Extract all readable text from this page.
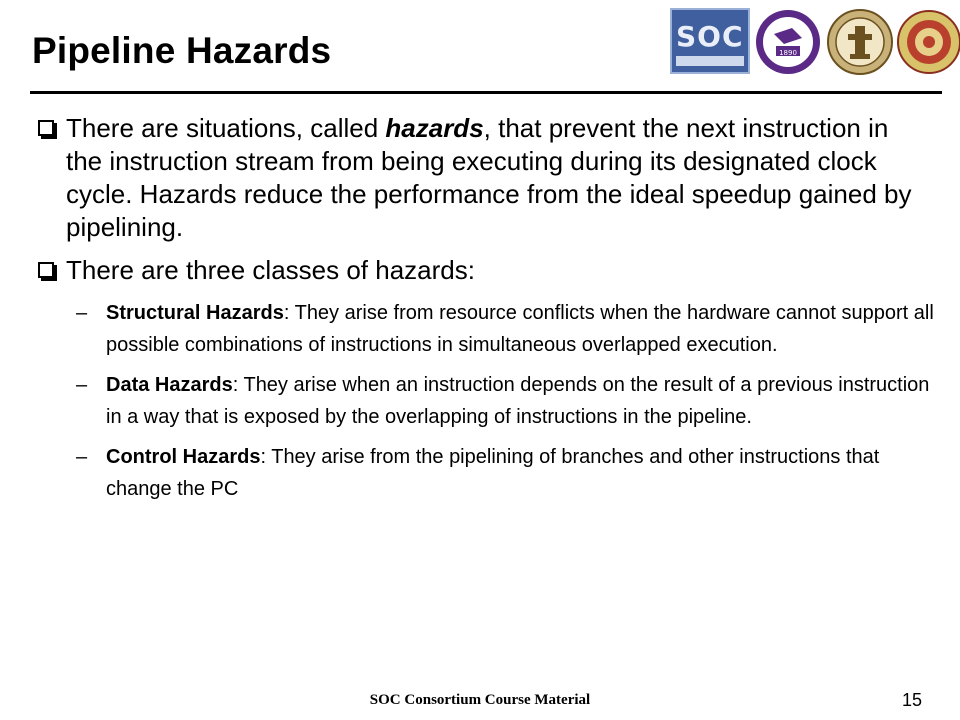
Pipeline Hazards	SOC	1890
There are situations, called hazards, that prevent the next instruction in the instruction stream from being executing during its designated clock cycle. Hazards reduce the performance from the ideal speedup gained by pipelining.
There are three classes of hazards:
– Structural Hazards: They arise from resource conflicts when the hardware cannot support all possible combinations of instructions in simultaneous overlapped execution.
– Data Hazards: They arise when an instruction depends on the result of a previous instruction in a way that is exposed by the overlapping of instructions in the pipeline.
– Control Hazards: They arise from the pipelining of branches and other instructions that change the PC
SOC Consortium Course Material	15
